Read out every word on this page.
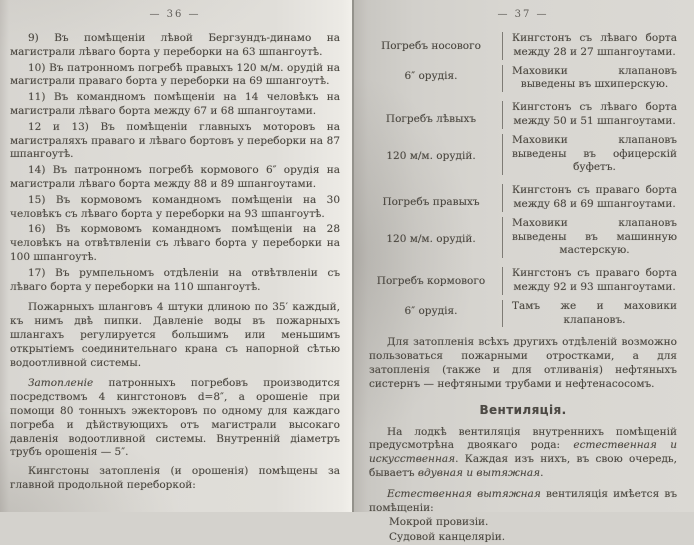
— 36 —

9) Въ помѣщеніи лѣвой Бергзундъ-динамо на магистрали лѣваго борта у переборки на 63 шпангоутѣ.

10) Въ патронномъ погребѣ правыхъ 120 м/м. орудій на магистрали праваго борта у переборки на 69 шпангоутѣ.

11) Въ командномъ помѣщеніи на 14 человѣкъ на магистрали лѣваго борта между 67 и 68 шпангоутами.

12 и 13) Въ помѣщеніи главныхъ моторовъ на магистраляхъ праваго и лѣваго бортовъ у переборки на 87 шпангоутѣ.

14) Въ патронномъ погребѣ кормового 6″ орудія на магистрали лѣваго борта между 88 и 89 шпангоутами.

15) Въ кормовомъ командномъ помѣщеніи на 30 человѣкъ съ лѣваго борта у переборки на 93 шпангоутѣ.

16) Въ кормовомъ командномъ помѣщеніи на 28 человѣкъ на отвѣтвленіи съ лѣваго борта у переборки на 100 шпангоутѣ.

17) Въ румпельномъ отдѣленіи на отвѣтвленіи съ лѣваго борта у переборки на 110 шпангоутѣ.

Пожарныхъ шланговъ 4 штуки длиною по 35′ каждый, къ нимъ двѣ пипки. Давленіе воды въ пожарныхъ шлангахъ регулируется большимъ или меньшимъ открытіемъ соединительнаго крана съ напорной сѣтью водоотливной системы.

Затопленіе патронныхъ погребовъ производится посредствомъ 4 кингстоновъ d=8″, а орошеніе при помощи 80 тонныхъ эжекторовъ по одному для каждаго погреба и дѣйствующихъ отъ магистрали высокаго давленія водоотливной системы. Внутренній діаметръ трубъ орошенія — 5″.

Кингстоны затопленія (и орошенія) помѣщены за главной продольной переборкой:

— 37 —

Погребъ носового
6″ орудія.

Кингстонъ съ лѣваго борта между 28 и 27 шпангоутами.

Маховики клапановъ выведены въ шхиперскую.

Погребъ лѣвыхъ
120 м/м. орудій.

Кингстонъ съ лѣваго борта между 50 и 51 шпангоутами.

Маховики клапановъ выведены въ офицерскій буфетъ.

Погребъ правыхъ
120 м/м. орудій.

Кингстонъ съ праваго борта между 68 и 69 шпангоутами.

Маховики клапановъ выведены въ машинную мастерскую.

Погребъ кормового
6″ орудія.

Кингстонъ съ праваго борта между 92 и 93 шпангоутами.

Тамъ же и маховики клапановъ.

Для затопленія всѣхъ другихъ отдѣленій возможно пользоваться пожарными отростками, а для затопленія (также и для отливанія) нефтяныхъ систернъ — нефтяными трубами и нефтенасосомъ.

Вентиляція.

На лодкѣ вентиляція внутреннихъ помѣщеній предусмотрѣна двоякаго рода: естественная и искусственная. Каждая изъ нихъ, въ свою очередь, бываетъ вдувная и вытяжная.

Естественная вытяжная вентиляція имѣется въ помѣщеніи:

Мокрой провизіи.

Судовой канцеляріи.
